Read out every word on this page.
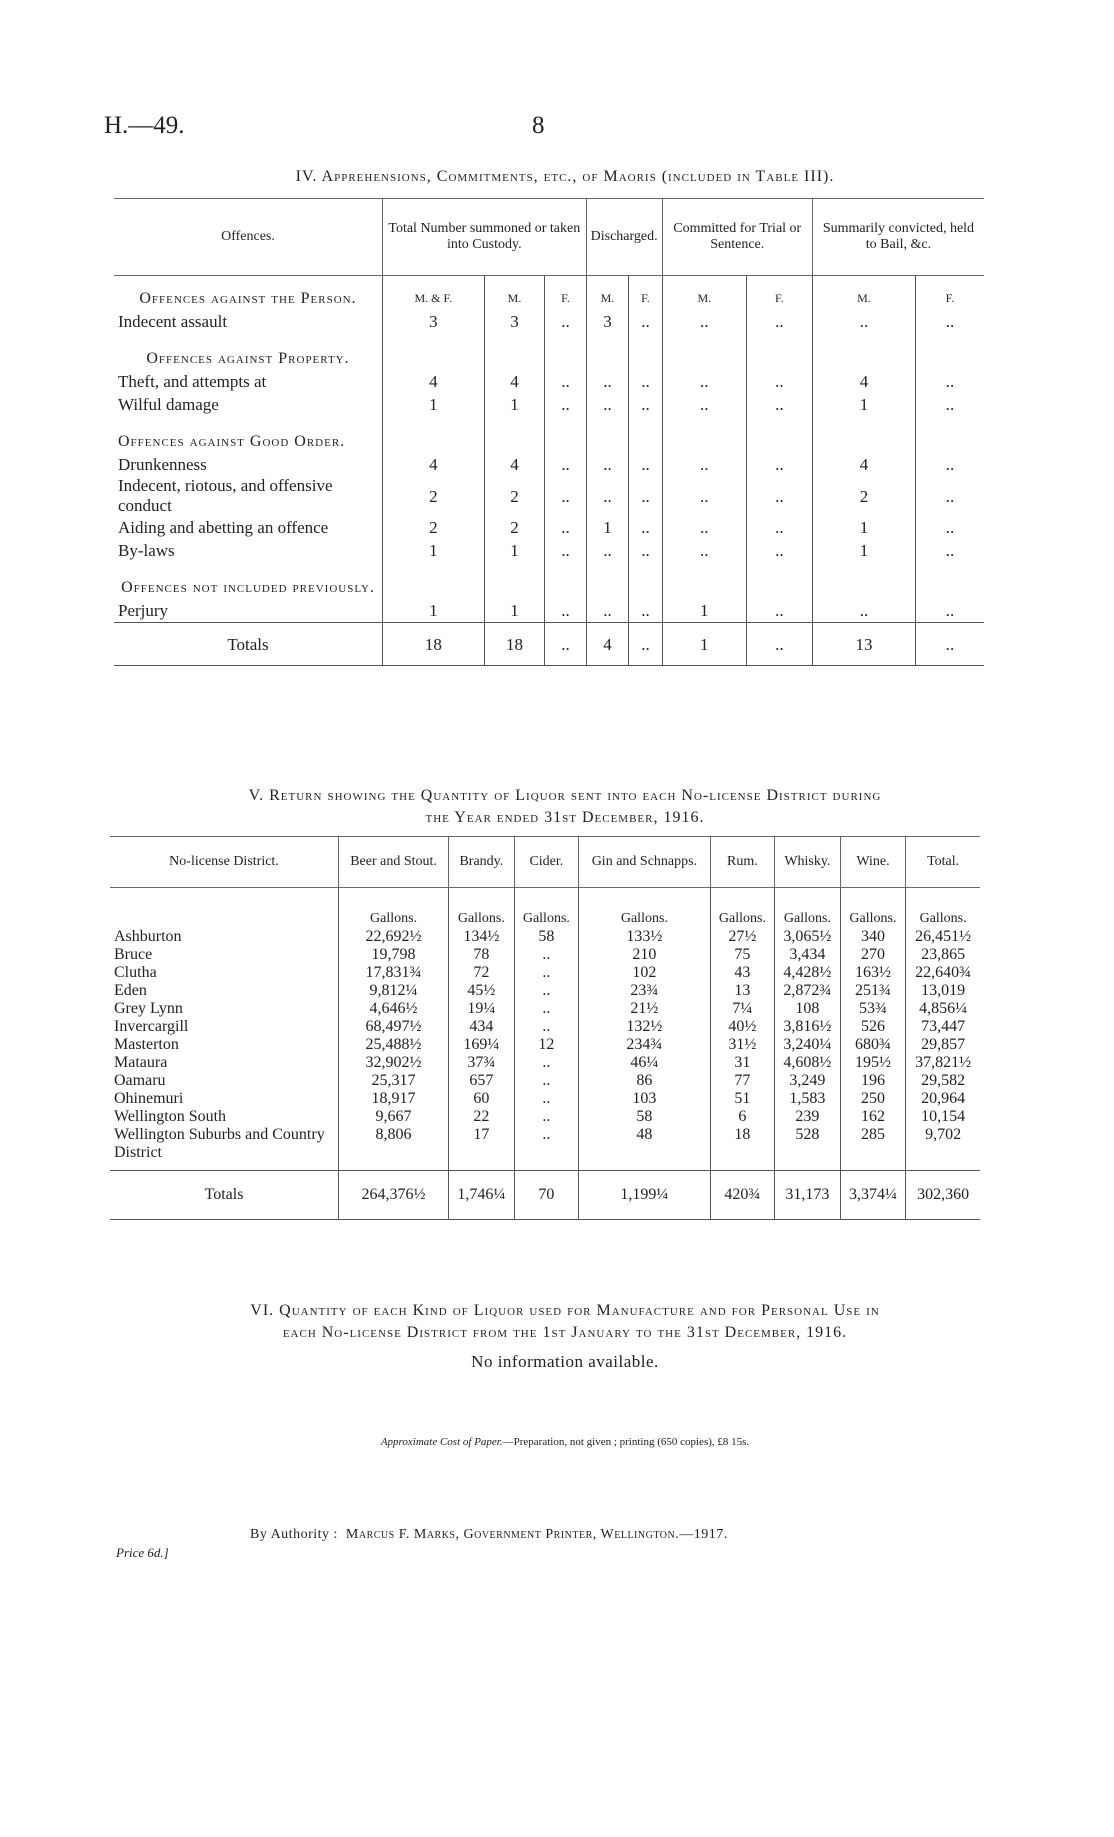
H.—49.	8
IV. Apprehensions, Commitments, etc., of Maoris (included in Table III).
Offences.	Total Number summoned or taken into Custody.			Discharged.		Committed for Trial or Sentence.		Summarily convicted, held to Bail, &c.	
Offences against the Person.	M. & F.	M.	F.	M.	F.	M.	F.	M.	F.
Indecent assault	3	3	..	3	..	..	..	..	..
Offences against Property.									
Theft, and attempts at	4	4	..	..	..	..	..	4	..
Wilful damage	1	1	..	..	..	..	..	1	..
Offences against Good Order.									
Drunkenness	4	4	..	..	..	..	..	4	..
Indecent, riotous, and offensive conduct	2	2	..	..	..	..	..	2	..
Aiding and abetting an offence	2	2	..	1	..	..	..	1	..
By-laws	1	1	..	..	..	..	..	1	..
Offences not included previously.									
Perjury	1	1	..	..	..	1	..	..	..
Totals	18	18	..	4	..	1	..	13	..
V. Return showing the Quantity of Liquor sent into each No-license District during
the Year ended 31st December, 1916.
No-license District.	Beer and Stout.	Brandy.	Cider.	Gin and Schnapps.	Rum.	Whisky.	Wine.	Total.
	Gallons.	Gallons.	Gallons.	Gallons.	Gallons.	Gallons.	Gallons.	Gallons.
Ashburton	22,692½	134½	58	133½	27½	3,065½	340	26,451½
Bruce	19,798	78	..	210	75	3,434	270	23,865
Clutha	17,831¾	72	..	102	43	4,428½	163½	22,640¾
Eden	9,812¼	45½	..	23¾	13	2,872¾	251¾	13,019
Grey Lynn	4,646½	19¼	..	21½	7¼	108	53¾	4,856¼
Invercargill	68,497½	434	..	132½	40½	3,816½	526	73,447
Masterton	25,488½	169¼	12	234¾	31½	3,240¼	680¾	29,857
Mataura	32,902½	37¾	..	46¼	31	4,608½	195½	37,821½
Oamaru	25,317	657	..	86	77	3,249	196	29,582
Ohinemuri	18,917	60	..	103	51	1,583	250	20,964
Wellington South	9,667	22	..	58	6	239	162	10,154
Wellington Suburbs and Country District	8,806	17	..	48	18	528	285	9,702
Totals	264,376½	1,746¼	70	1,199¼	420¾	31,173	3,374¼	302,360
VI. Quantity of each Kind of Liquor used for Manufacture and for Personal Use in
each No-license District from the 1st January to the 31st December, 1916.
No information available.
Approximate Cost of Paper.—Preparation, not given ; printing (650 copies), £8 15s.
By Authority : Marcus F. Marks, Government Printer, Wellington.—1917.
Price 6d.]
